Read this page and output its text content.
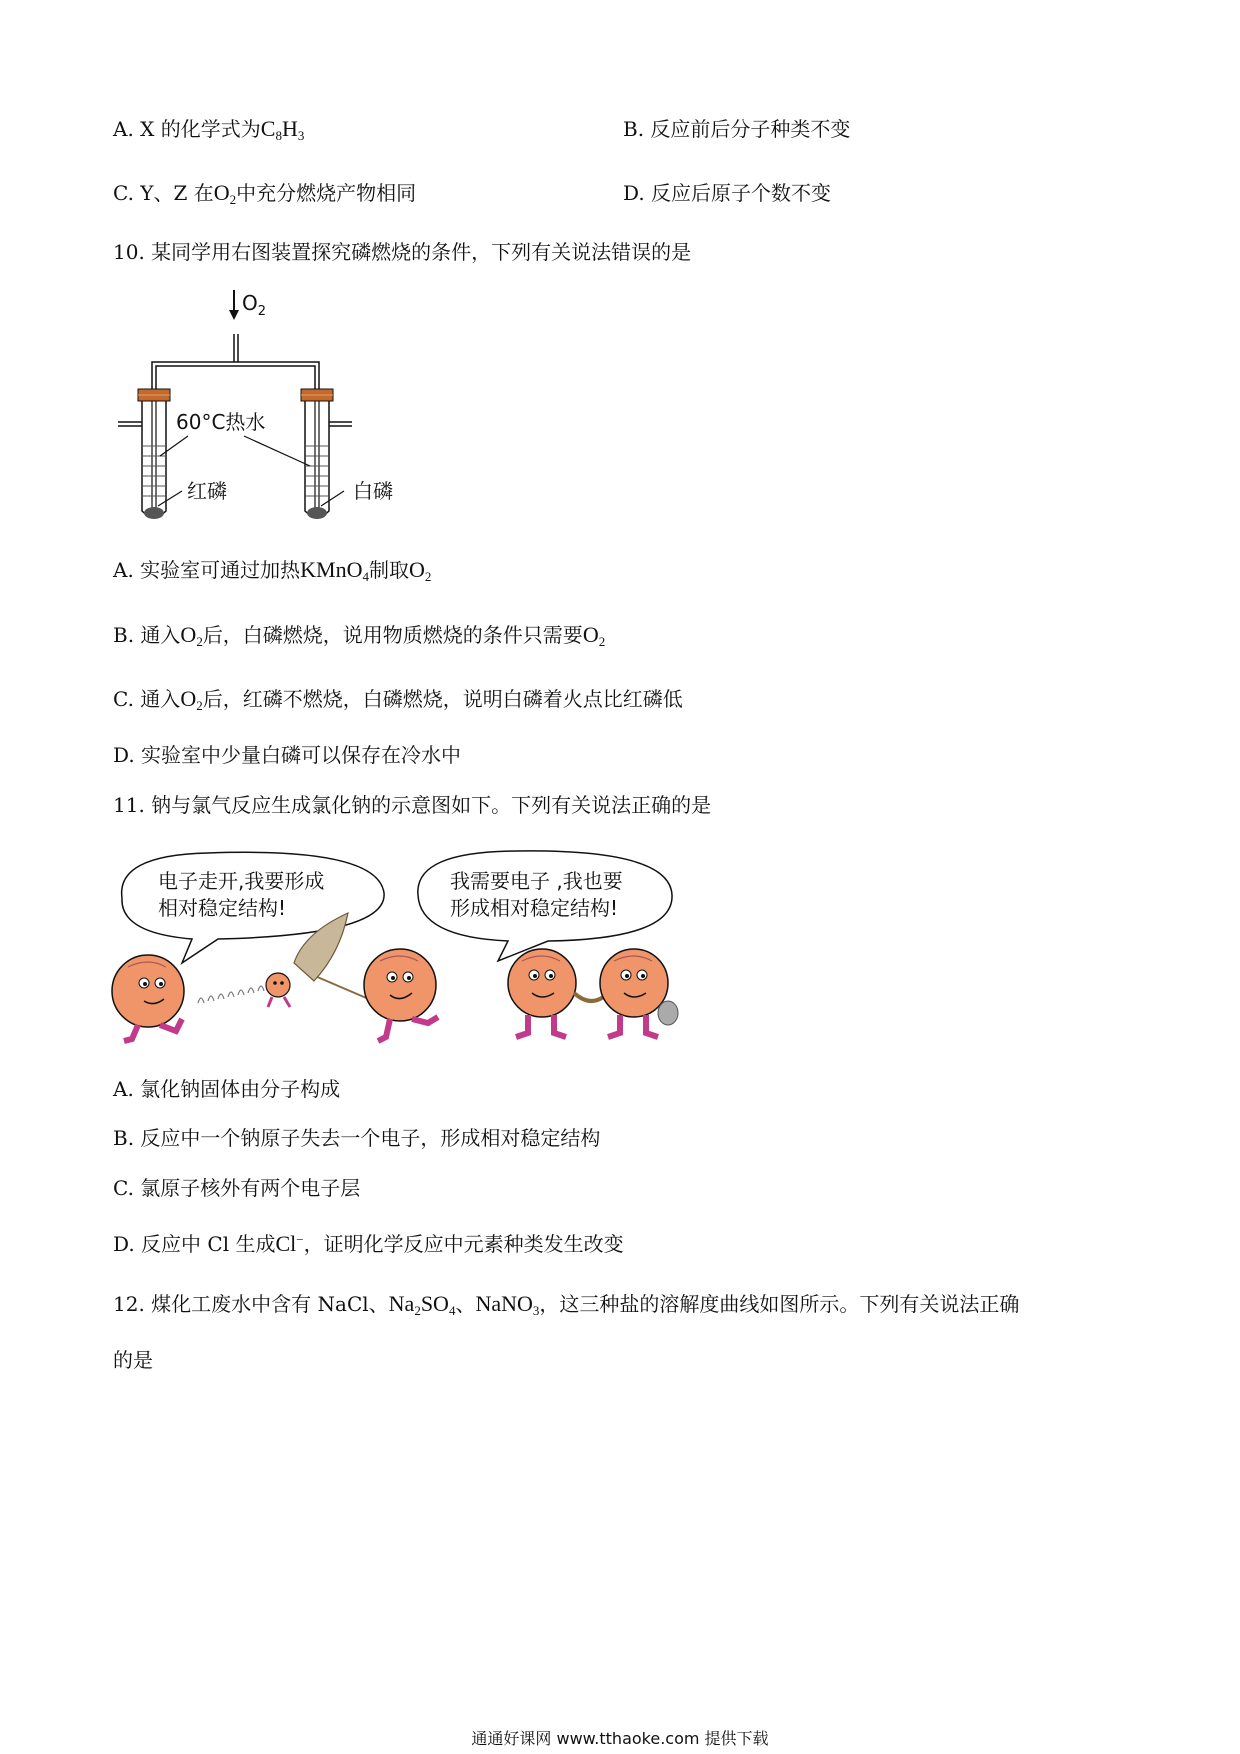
A. X 的化学式为$C_8H_3$	B. 反应前后分子种类不变
C. Y、Z 在$O_2$中充分燃烧产物相同	D. 反应后原子个数不变
10. 某同学用右图装置探究磷燃烧的条件，下列有关说法错误的是
$O_2$
60°C热水
红磷	白磷
A. 实验室可通过加热KMnO$_4$制取$O_2$
B. 通入$O_2$后，白磷燃烧，说用物质燃烧的条件只需要$O_2$
C. 通入$O_2$后，红磷不燃烧，白磷燃烧，说明白磷着火点比红磷低
D. 实验室中少量白磷可以保存在冷水中
11. 钠与氯气反应生成氯化钠的示意图如下。下列有关说法正确的是
电子走开,我要形成
相对稳定结构!
我需要电子 ,我也要
形成相对稳定结构!
A. 氯化钠固体由分子构成
B. 反应中一个钠原子失去一个电子，形成相对稳定结构
C. 氯原子核外有两个电子层
D. 反应中 Cl 生成Cl−，证明化学反应中元素种类发生改变
12. 煤化工废水中含有 NaCl、$Na_2SO_4$、NaNO$_3$，这三种盐的溶解度曲线如图所示。下列有关说法正确
的是
通通好课网 www.tthaoke.com 提供下载
